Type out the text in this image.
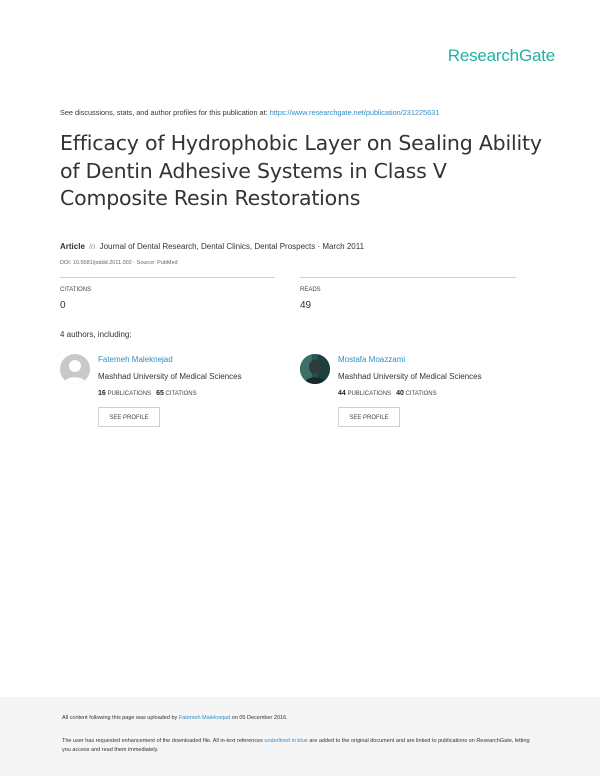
ResearchGate
See discussions, stats, and author profiles for this publication at: https://www.researchgate.net/publication/231225631
Efficacy of Hydrophobic Layer on Sealing Ability of Dentin Adhesive Systems in Class V Composite Resin Restorations
Article in Journal of Dental Research, Dental Clinics, Dental Prospects · March 2011
DOI: 10.5681/joddd.2011.002 · Source: PubMed
CITATIONS
0
READS
49
4 authors, including:
Fatemeh Maleknejad
Mashhad University of Medical Sciences
16 PUBLICATIONS 65 CITATIONS
SEE PROFILE
Mostafa Moazzami
Mashhad University of Medical Sciences
44 PUBLICATIONS 40 CITATIONS
SEE PROFILE
All content following this page was uploaded by Fatemeh Maleknejad on 05 December 2016.
The user has requested enhancement of the downloaded file. All in-text references underlined in blue are added to the original document and are linked to publications on ResearchGate, letting you access and read them immediately.
